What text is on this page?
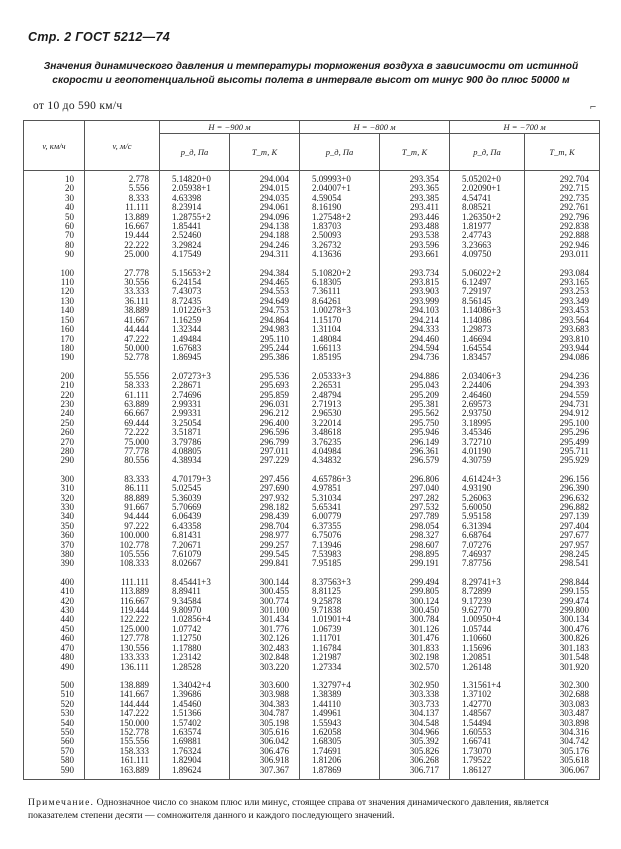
Стр. 2 ГОСТ 5212—74
Значения динамического давления и температуры торможения воздуха в зависимости от истинной скорости и геопотенциальной высоты полета в интервале высот от минус 900 до плюс 50000 м
от 10 до 590 км/ч	⌐
v, км/ч	v, м/с	H = −900 м		H = −800 м		H = −700 м	
		p_д, Па	T_т, К	p_д, Па	T_т, К	p_д, Па	T_т, К
10	2.778	5.14820+0	294.004	5.09993+0	293.354	5.05202+0	292.704
20	5.556	2.05938+1	294.015	2.04007+1	293.365	2.02090+1	292.715
30	8.333	4.63398	294.035	4.59054	293.385	4.54741	292.735
40	11.111	8.23914	294.061	8.16190	293.411	8.08521	292.761
50	13.889	1.28755+2	294.096	1.27548+2	293.446	1.26350+2	292.796
60	16.667	1.85441	294.138	1.83703	293.488	1.81977	292.838
70	19.444	2.52460	294.188	2.50093	293.538	2.47743	292.888
80	22.222	3.29824	294.246	3.26732	293.596	3.23663	292.946
90	25.000	4.17549	294.311	4.13636	293.661	4.09750	293.011
100	27.778	5.15653+2	294.384	5.10820+2	293.734	5.06022+2	293.084
110	30.556	6.24154	294.465	6.18305	293.815	6.12497	293.165
120	33.333	7.43073	294.553	7.36111	293.903	7.29197	293.253
130	36.111	8.72435	294.649	8.64261	293.999	8.56145	293.349
140	38.889	1.01226+3	294.753	1.00278+3	294.103	1.14086+3	293.453
150	41.667	1.16259	294.864	1.15170	294.214	1.14086	293.564
160	44.444	1.32344	294.983	1.31104	294.333	1.29873	293.683
170	47.222	1.49484	295.110	1.48084	294.460	1.46694	293.810
180	50.000	1.67683	295.244	1.66113	294.594	1.64554	293.944
190	52.778	1.86945	295.386	1.85195	294.736	1.83457	294.086
200	55.556	2.07273+3	295.536	2.05333+3	294.886	2.03406+3	294.236
210	58.333	2.28671	295.693	2.26531	295.043	2.24406	294.393
220	61.111	2.74696	295.859	2.48794	295.209	2.46460	294.559
230	63.889	2.99331	296.031	2.71913	295.381	2.69573	294.731
240	66.667	2.99331	296.212	2.96530	295.562	2.93750	294.912
250	69.444	3.25054	296.400	3.22014	295.750	3.18995	295.100
260	72.222	3.51871	296.596	3.48618	295.946	3.45346	295.296
270	75.000	3.79786	296.799	3.76235	296.149	3.72710	295.499
280	77.778	4.08805	297.011	4.04984	296.361	4.01190	295.711
290	80.556	4.38934	297.229	4.34832	296.579	4.30759	295.929
300	83.333	4.70179+3	297.456	4.65786+3	296.806	4.61424+3	296.156
310	86.111	5.02545	297.690	4.97851	297.040	4.93190	296.390
320	88.889	5.36039	297.932	5.31034	297.282	5.26063	296.632
330	91.667	5.70669	298.182	5.65341	297.532	5.60050	296.882
340	94.444	6.06439	298.439	6.00779	297.789	5.95158	297.139
350	97.222	6.43358	298.704	6.37355	298.054	6.31394	297.404
360	100.000	6.81431	298.977	6.75076	298.327	6.68764	297.677
370	102.778	7.20671	299.257	7.13946	298.607	7.07276	297.957
380	105.556	7.61079	299.545	7.53983	298.895	7.46937	298.245
390	108.333	8.02667	299.841	7.95185	299.191	7.87756	298.541
400	111.111	8.45441+3	300.144	8.37563+3	299.494	8.29741+3	298.844
410	113.889	8.89411	300.455	8.81125	299.805	8.72899	299.155
420	116.667	9.34584	300.774	9.25878	300.124	9.17239	299.474
430	119.444	9.80970	301.100	9.71838	300.450	9.62770	299.800
440	122.222	1.02856+4	301.434	1.01901+4	300.784	1.00950+4	300.134
450	125.000	1.07742	301.776	1.06739	301.126	1.05744	300.476
460	127.778	1.12750	302.126	1.11701	301.476	1.10660	300.826
470	130.556	1.17880	302.483	1.16784	301.833	1.15696	301.183
480	133.333	1.23142	302.848	1.21987	302.198	1.20851	301.548
490	136.111	1.28528	303.220	1.27334	302.570	1.26148	301.920
500	138.889	1.34042+4	303.600	1.32797+4	302.950	1.31561+4	302.300
510	141.667	1.39686	303.988	1.38389	303.338	1.37102	302.688
520	144.444	1.45460	304.383	1.44110	303.733	1.42770	303.083
530	147.222	1.51366	304.787	1.49961	304.137	1.48567	303.487
540	150.000	1.57402	305.198	1.55943	304.548	1.54494	303.898
550	152.778	1.63574	305.616	1.62058	304.966	1.60553	304.316
560	155.556	1.69881	306.042	1.68305	305.392	1.66741	304.742
570	158.333	1.76324	306.476	1.74691	305.826	1.73070	305.176
580	161.111	1.82904	306.918	1.81206	306.268	1.79522	305.618
590	163.889	1.89624	307.367	1.87869	306.717	1.86127	306.067
Примечание. Однозначное число со знаком плюс или минус, стоящее справа от значения динамического давления, является показателем степени десяти — сомножителя данного и каждого последующего значений.
